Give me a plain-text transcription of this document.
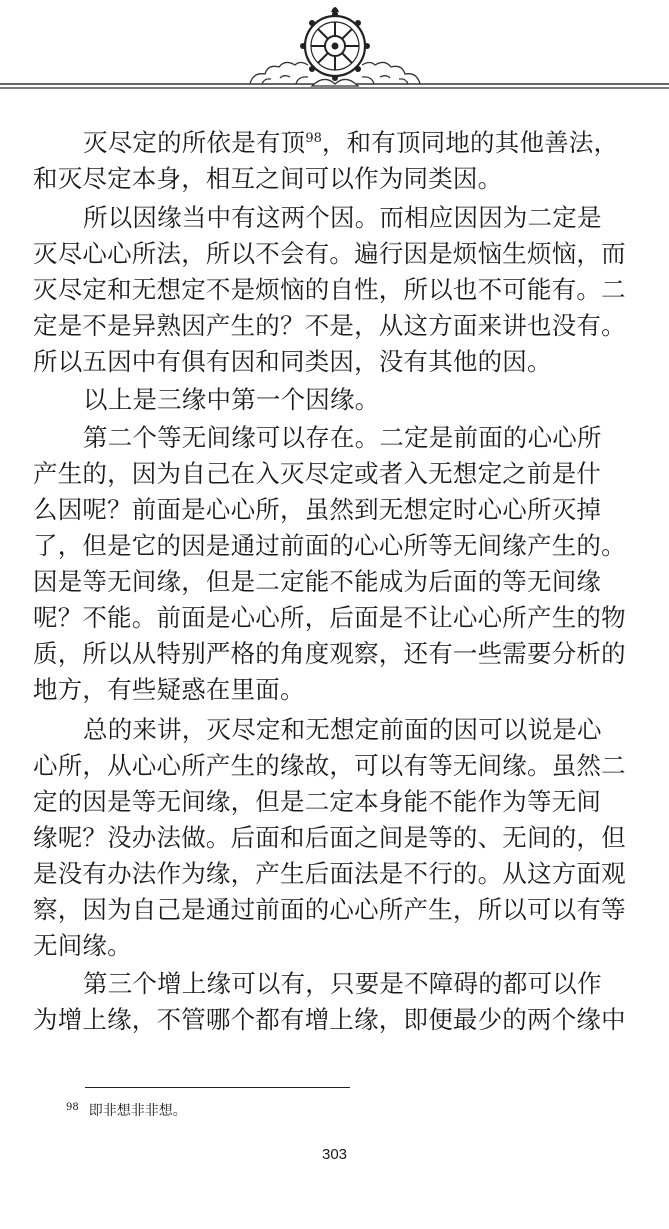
灭尽定的所依是有顶$^{98}$，和有顶同地的其他善法，
和灭尽定本身，相互之间可以作为同类因。
所以因缘当中有这两个因。而相应因因为二定是
灭尽心心所法，所以不会有。遍行因是烦恼生烦恼，而
灭尽定和无想定不是烦恼的自性，所以也不可能有。二
定是不是异熟因产生的？不是，从这方面来讲也没有。
所以五因中有俱有因和同类因，没有其他的因。
以上是三缘中第一个因缘。
第二个等无间缘可以存在。二定是前面的心心所
产生的，因为自己在入灭尽定或者入无想定之前是什
么因呢？前面是心心所，虽然到无想定时心心所灭掉
了，但是它的因是通过前面的心心所等无间缘产生的。
因是等无间缘，但是二定能不能成为后面的等无间缘
呢？不能。前面是心心所，后面是不让心心所产生的物
质，所以从特别严格的角度观察，还有一些需要分析的
地方，有些疑惑在里面。
总的来讲，灭尽定和无想定前面的因可以说是心
心所，从心心所产生的缘故，可以有等无间缘。虽然二
定的因是等无间缘，但是二定本身能不能作为等无间
缘呢？没办法做。后面和后面之间是等的、无间的，但
是没有办法作为缘，产生后面法是不行的。从这方面观
察，因为自己是通过前面的心心所产生，所以可以有等
无间缘。
第三个增上缘可以有，只要是不障碍的都可以作
为增上缘，不管哪个都有增上缘，即便最少的两个缘中
$^{98}$ 即非想非非想。
303
